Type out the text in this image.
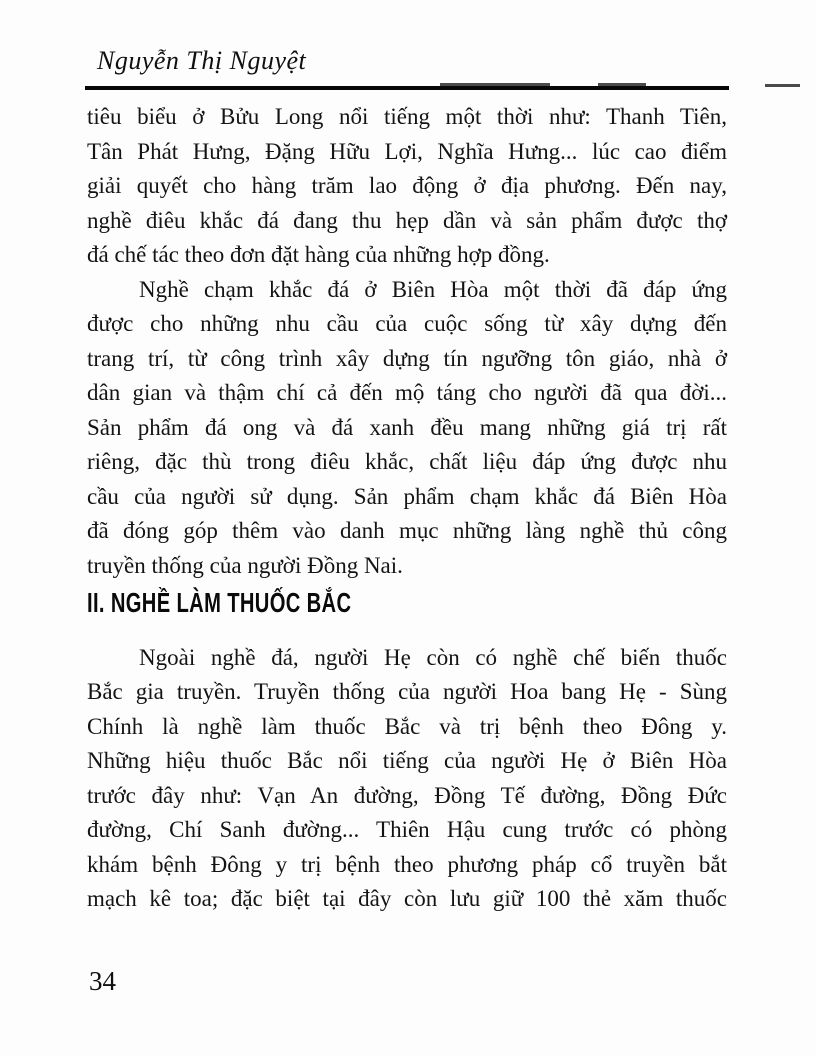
Nguyễn Thị Nguyệt
tiêu biểu ở Bửu Long nổi tiếng một thời như: Thanh Tiên,
Tân Phát Hưng, Đặng Hữu Lợi, Nghĩa Hưng... lúc cao điểm
giải quyết cho hàng trăm lao động ở địa phương. Đến nay,
nghề điêu khắc đá đang thu hẹp dần và sản phẩm được thợ
đá chế tác theo đơn đặt hàng của những hợp đồng.
Nghề chạm khắc đá ở Biên Hòa một thời đã đáp ứng
được cho những nhu cầu của cuộc sống từ xây dựng đến
trang trí, từ công trình xây dựng tín ngưỡng tôn giáo, nhà ở
dân gian và thậm chí cả đến mộ táng cho người đã qua đời...
Sản phẩm đá ong và đá xanh đều mang những giá trị rất
riêng, đặc thù trong điêu khắc, chất liệu đáp ứng được nhu
cầu của người sử dụng. Sản phẩm chạm khắc đá Biên Hòa
đã đóng góp thêm vào danh mục những làng nghề thủ công
truyền thống của người Đồng Nai.
II. NGHỀ LÀM THUỐC BẮC
Ngoài nghề đá, người Hẹ còn có nghề chế biến thuốc
Bắc gia truyền. Truyền thống của người Hoa bang Hẹ - Sùng
Chính là nghề làm thuốc Bắc và trị bệnh theo Đông y.
Những hiệu thuốc Bắc nổi tiếng của người Hẹ ở Biên Hòa
trước đây như: Vạn An đường, Đồng Tế đường, Đồng Đức
đường, Chí Sanh đường... Thiên Hậu cung trước có phòng
khám bệnh Đông y trị bệnh theo phương pháp cổ truyền bắt
mạch kê toa; đặc biệt tại đây còn lưu giữ 100 thẻ xăm thuốc
34
